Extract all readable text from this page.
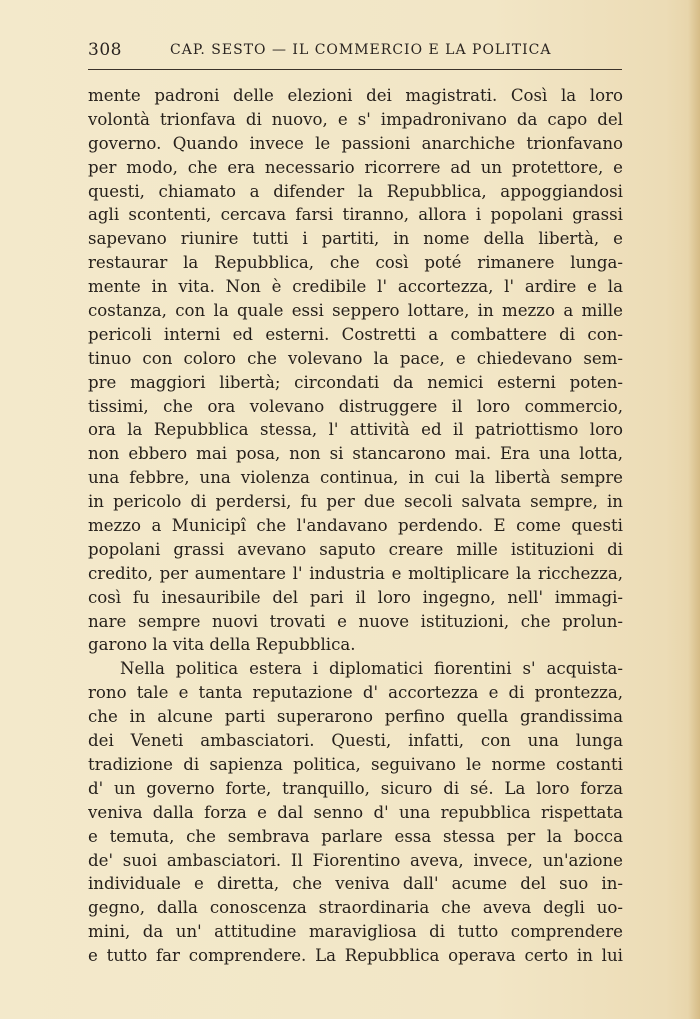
308	CAP. SESTO — IL COMMERCIO E LA POLITICA
mente padroni delle elezioni dei magistrati. Così la loro
volontà trionfava di nuovo, e s' impadronivano da capo del
governo. Quando invece le passioni anarchiche trionfavano
per modo, che era necessario ricorrere ad un protettore, e
questi, chiamato a difender la Repubblica, appoggiandosi
agli scontenti, cercava farsi tiranno, allora i popolani grassi
sapevano riunire tutti i partiti, in nome della libertà, e
restaurar la Repubblica, che così poté rimanere lunga-
mente in vita. Non è credibile l' accortezza, l' ardire e la
costanza, con la quale essi seppero lottare, in mezzo a mille
pericoli interni ed esterni. Costretti a combattere di con-
tinuo con coloro che volevano la pace, e chiedevano sem-
pre maggiori libertà; circondati da nemici esterni poten-
tissimi, che ora volevano distruggere il loro commercio,
ora la Repubblica stessa, l' attività ed il patriottismo loro
non ebbero mai posa, non si stancarono mai. Era una lotta,
una febbre, una violenza continua, in cui la libertà sempre
in pericolo di perdersi, fu per due secoli salvata sempre, in
mezzo a Municipî che l'andavano perdendo. E come questi
popolani grassi avevano saputo creare mille istituzioni di
credito, per aumentare l' industria e moltiplicare la ricchezza,
così fu inesauribile del pari il loro ingegno, nell' immagi-
nare sempre nuovi trovati e nuove istituzioni, che prolun-
garono la vita della Repubblica.
Nella politica estera i diplomatici fiorentini s' acquista-
rono tale e tanta reputazione d' accortezza e di prontezza,
che in alcune parti superarono perfino quella grandissima
dei Veneti ambasciatori. Questi, infatti, con una lunga
tradizione di sapienza politica, seguivano le norme costanti
d' un governo forte, tranquillo, sicuro di sé. La loro forza
veniva dalla forza e dal senno d' una repubblica rispettata
e temuta, che sembrava parlare essa stessa per la bocca
de' suoi ambasciatori. Il Fiorentino aveva, invece, un'azione
individuale e diretta, che veniva dall' acume del suo in-
gegno, dalla conoscenza straordinaria che aveva degli uo-
mini, da un' attitudine maravigliosa di tutto comprendere
e tutto far comprendere. La Repubblica operava certo in lui
